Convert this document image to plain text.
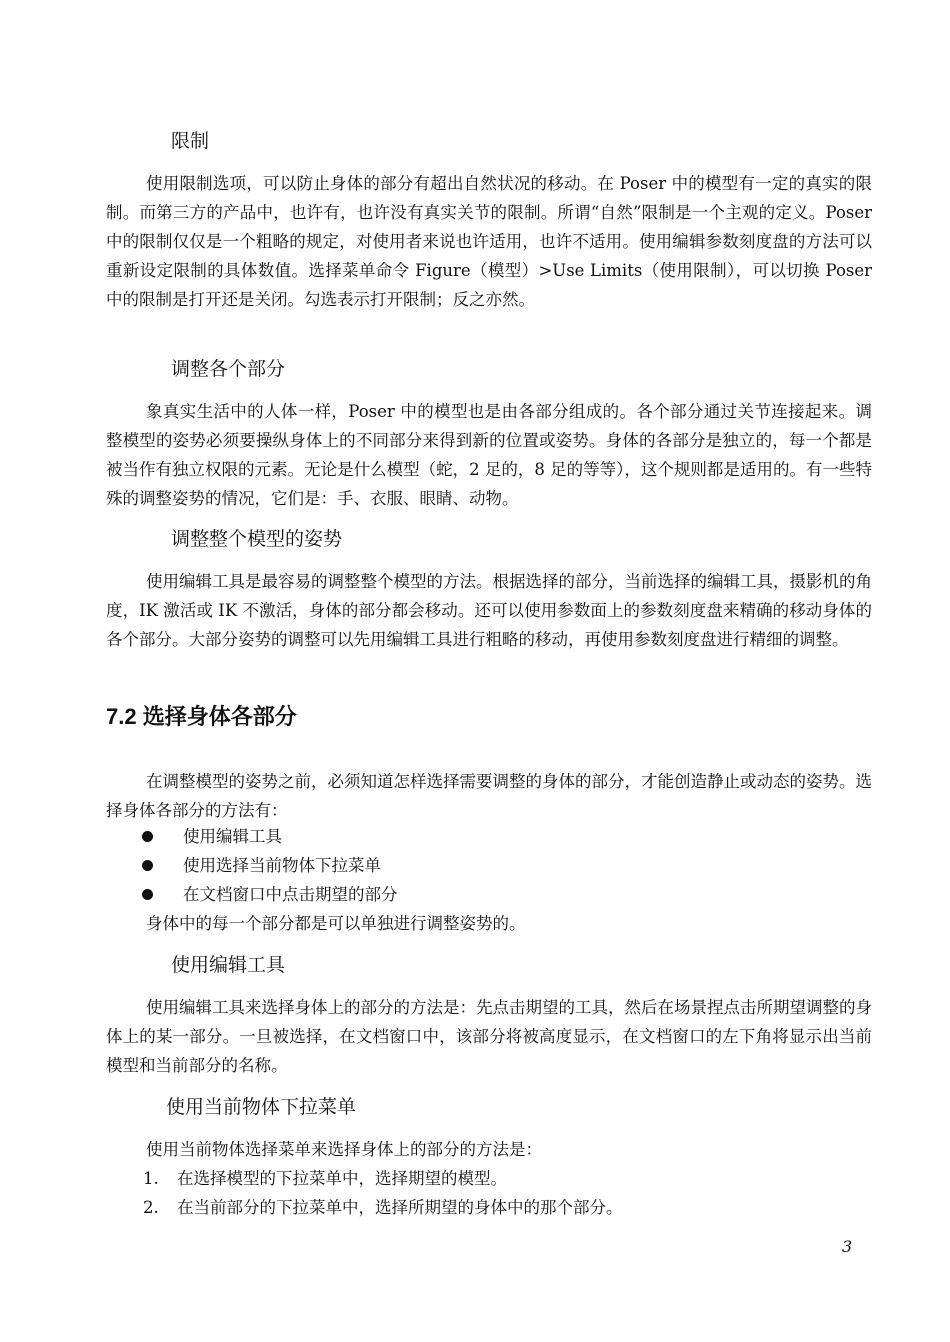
限制

使用限制选项，可以防止身体的部分有超出自然状况的移动。在 Poser 中的模型有一定的真实的限制。而第三方的产品中，也许有，也许没有真实关节的限制。所谓“自然”限制是一个主观的定义。Poser 中的限制仅仅是一个粗略的规定，对使用者来说也许适用，也许不适用。使用编辑参数刻度盘的方法可以重新设定限制的具体数值。选择菜单命令 Figure（模型）>Use Limits（使用限制），可以切换 Poser 中的限制是打开还是关闭。勾选表示打开限制；反之亦然。

调整各个部分

象真实生活中的人体一样，Poser 中的模型也是由各部分组成的。各个部分通过关节连接起来。调整模型的姿势必须要操纵身体上的不同部分来得到新的位置或姿势。身体的各部分是独立的，每一个都是被当作有独立权限的元素。无论是什么模型（蛇，2 足的，8 足的等等），这个规则都是适用的。有一些特殊的调整姿势的情况，它们是：手、衣服、眼睛、动物。

调整整个模型的姿势

使用编辑工具是最容易的调整整个模型的方法。根据选择的部分，当前选择的编辑工具，摄影机的角度，IK 激活或 IK 不激活，身体的部分都会移动。还可以使用参数面上的参数刻度盘来精确的移动身体的各个部分。大部分姿势的调整可以先用编辑工具进行粗略的移动，再使用参数刻度盘进行精细的调整。

7.2 选择身体各部分

在调整模型的姿势之前，必须知道怎样选择需要调整的身体的部分，才能创造静止或动态的姿势。选择身体各部分的方法有：

使用编辑工具
使用选择当前物体下拉菜单
在文档窗口中点击期望的部分
身体中的每一个部分都是可以单独进行调整姿势的。
使用编辑工具

使用编辑工具来选择身体上的部分的方法是：先点击期望的工具，然后在场景捏点击所期望调整的身体上的某一部分。一旦被选择，在文档窗口中，该部分将被高度显示，在文档窗口的左下角将显示出当前模型和当前部分的名称。

使用当前物体下拉菜单
使用当前物体选择菜单来选择身体上的部分的方法是：
1. 在选择模型的下拉菜单中，选择期望的模型。
2. 在当前部分的下拉菜单中，选择所期望的身体中的那个部分。
3
